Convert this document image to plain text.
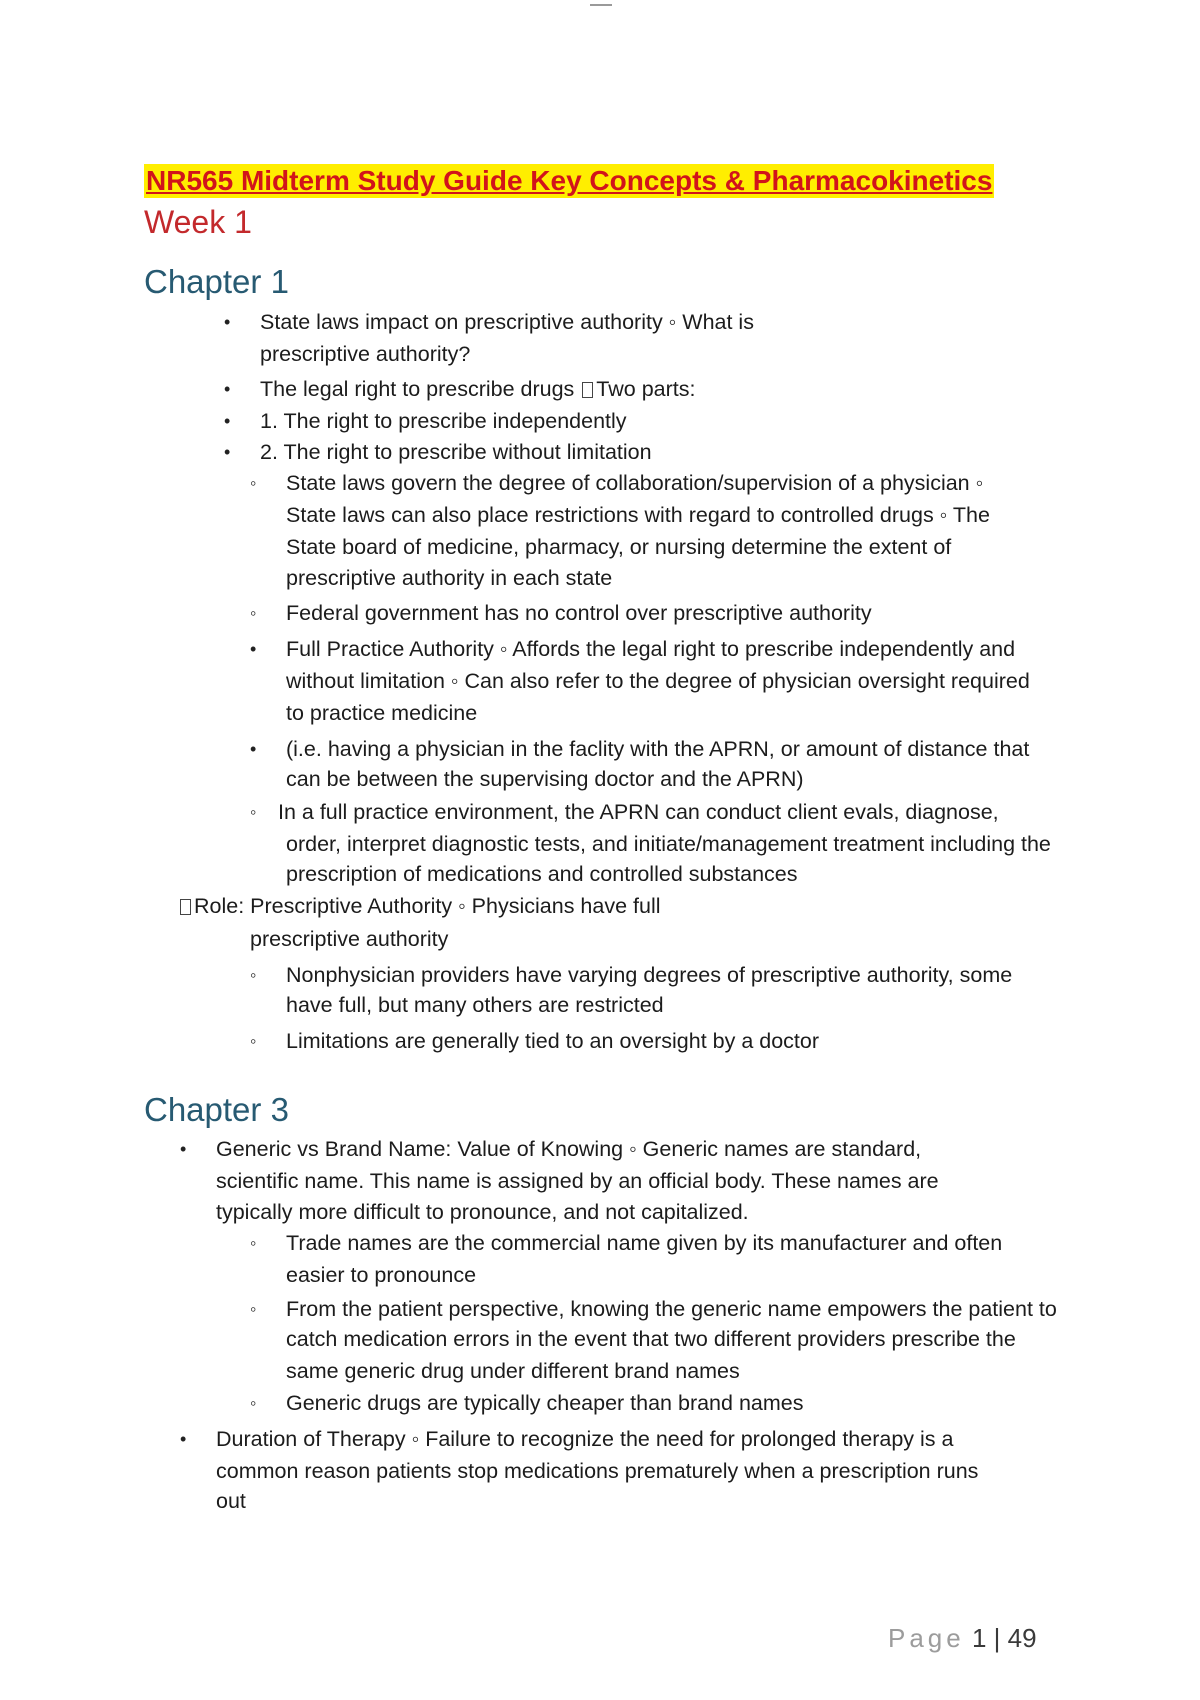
NR565 Midterm Study Guide Key Concepts & Pharmacokinetics
Week 1
Chapter 1
• State laws impact on prescriptive authority ◦ What is
prescriptive authority?
• The legal right to prescribe drugs Two parts:
• 1. The right to prescribe independently
• 2. The right to prescribe without limitation
◦ State laws govern the degree of collaboration/supervision of a physician ◦
State laws can also place restrictions with regard to controlled drugs ◦ The
State board of medicine, pharmacy, or nursing determine the extent of
prescriptive authority in each state
◦ Federal government has no control over prescriptive authority
• Full Practice Authority ◦ Affords the legal right to prescribe independently and
without limitation ◦ Can also refer to the degree of physician oversight required
to practice medicine
• (i.e. having a physician in the faclity with the APRN, or amount of distance that
can be between the supervising doctor and the APRN)
◦ In a full practice environment, the APRN can conduct client evals, diagnose,
order, interpret diagnostic tests, and initiate/management treatment including the
prescription of medications and controlled substances
Role: Prescriptive Authority ◦ Physicians have full
prescriptive authority
◦ Nonphysician providers have varying degrees of prescriptive authority, some
have full, but many others are restricted
◦ Limitations are generally tied to an oversight by a doctor
Chapter 3
• Generic vs Brand Name: Value of Knowing ◦ Generic names are standard,
scientific name. This name is assigned by an official body. These names are
typically more difficult to pronounce, and not capitalized.
◦ Trade names are the commercial name given by its manufacturer and often
easier to pronounce
◦ From the patient perspective, knowing the generic name empowers the patient to
catch medication errors in the event that two different providers prescribe the
same generic drug under different brand names
◦ Generic drugs are typically cheaper than brand names
• Duration of Therapy ◦ Failure to recognize the need for prolonged therapy is a
common reason patients stop medications prematurely when a prescription runs
out
Page 1 | 49
